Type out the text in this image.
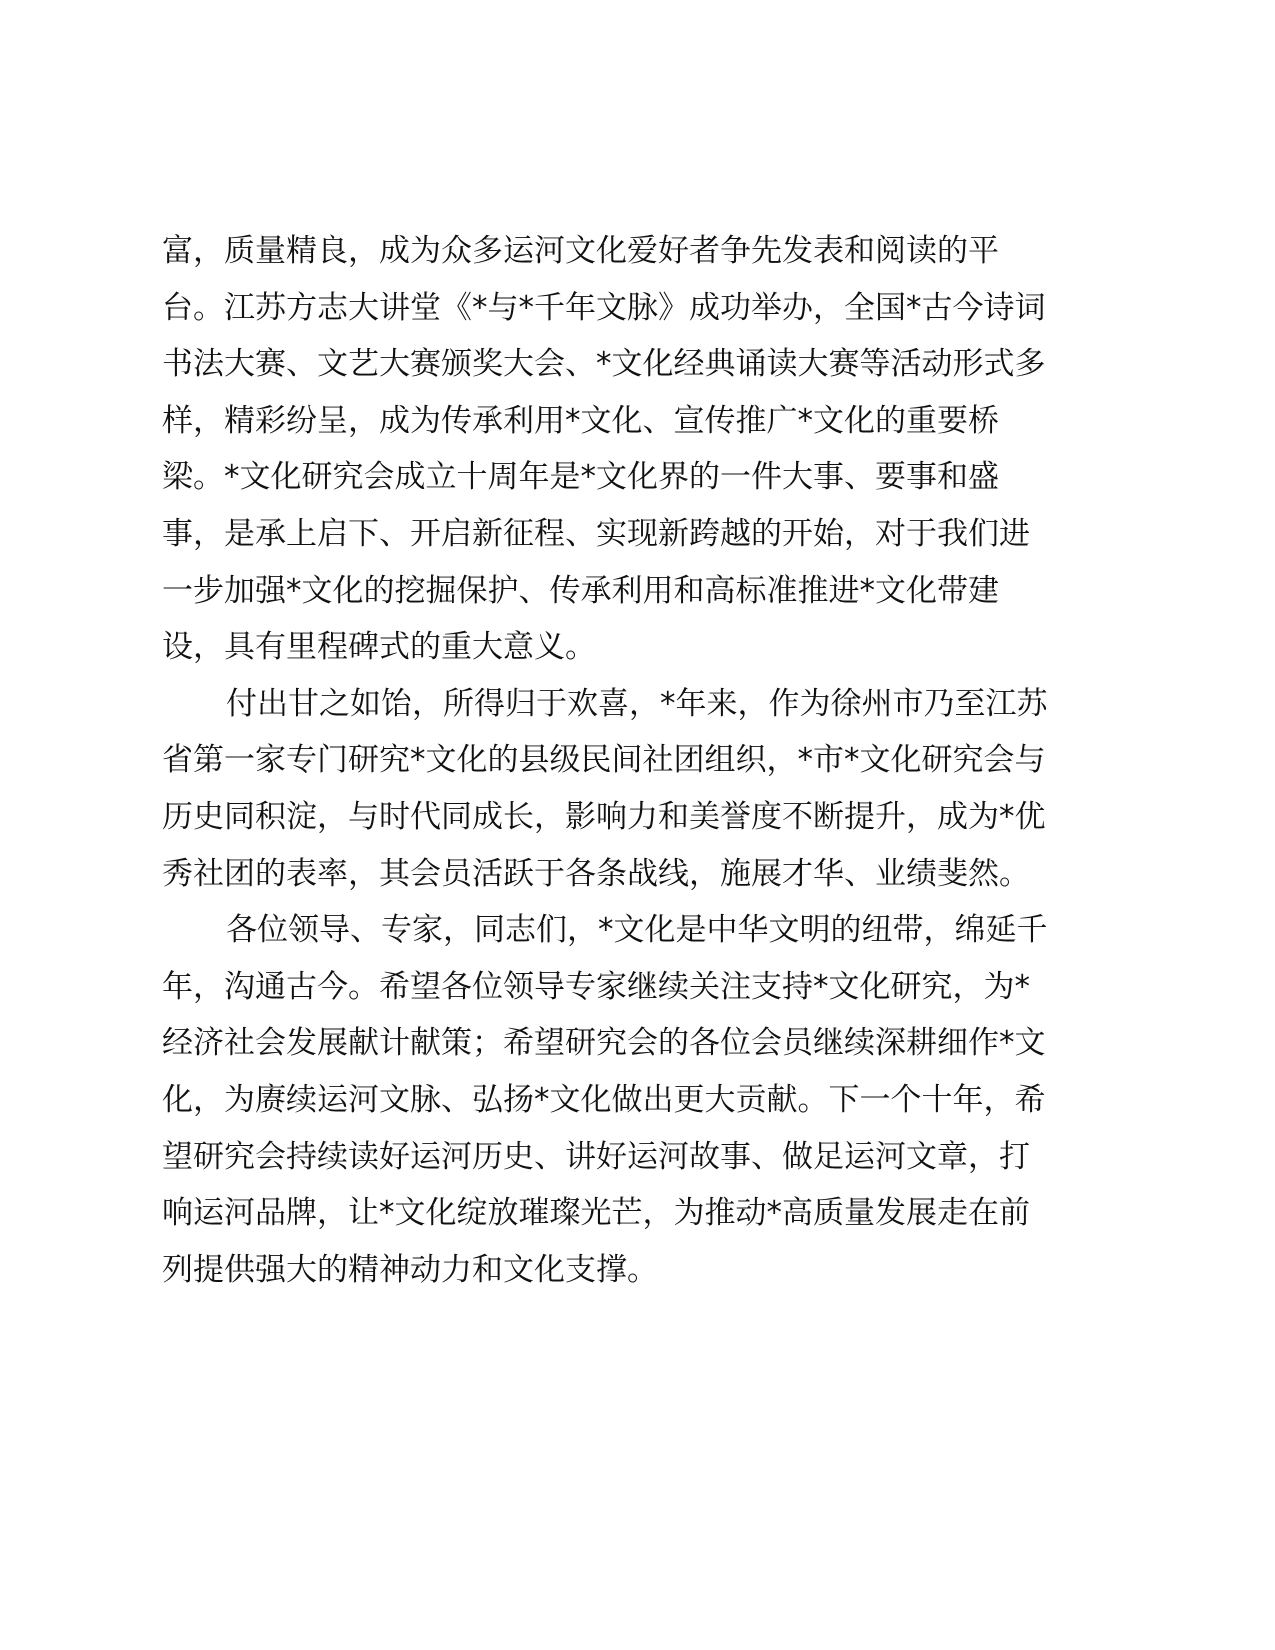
富，质量精良，成为众多运河文化爱好者争先发表和阅读的平
台。江苏方志大讲堂《*与*千年文脉》成功举办，全国*古今诗词
书法大赛、文艺大赛颁奖大会、*文化经典诵读大赛等活动形式多
样，精彩纷呈，成为传承利用*文化、宣传推广*文化的重要桥
梁。*文化研究会成立十周年是*文化界的一件大事、要事和盛
事，是承上启下、开启新征程、实现新跨越的开始，对于我们进
一步加强*文化的挖掘保护、传承利用和高标准推进*文化带建
设，具有里程碑式的重大意义。
付出甘之如饴，所得归于欢喜，*年来，作为徐州市乃至江苏
省第一家专门研究*文化的县级民间社团组织，*市*文化研究会与
历史同积淀，与时代同成长，影响力和美誉度不断提升，成为*优
秀社团的表率，其会员活跃于各条战线，施展才华、业绩斐然。
各位领导、专家，同志们，*文化是中华文明的纽带，绵延千
年，沟通古今。希望各位领导专家继续关注支持*文化研究，为*
经济社会发展献计献策；希望研究会的各位会员继续深耕细作*文
化，为赓续运河文脉、弘扬*文化做出更大贡献。下一个十年，希
望研究会持续读好运河历史、讲好运河故事、做足运河文章，打
响运河品牌，让*文化绽放璀璨光芒，为推动*高质量发展走在前
列提供强大的精神动力和文化支撑。
